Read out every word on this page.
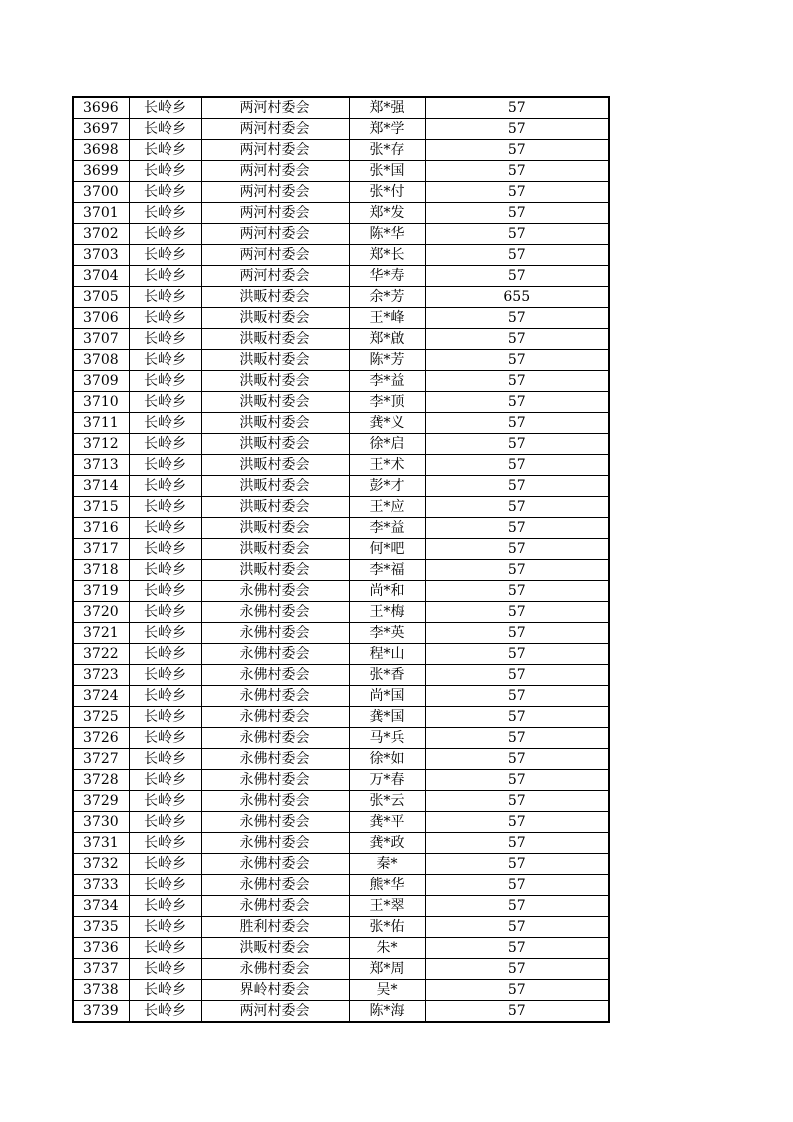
3696	长岭乡	两河村委会	郑*强	57
3697	长岭乡	两河村委会	郑*学	57
3698	长岭乡	两河村委会	张*存	57
3699	长岭乡	两河村委会	张*国	57
3700	长岭乡	两河村委会	张*付	57
3701	长岭乡	两河村委会	郑*发	57
3702	长岭乡	两河村委会	陈*华	57
3703	长岭乡	两河村委会	郑*长	57
3704	长岭乡	两河村委会	华*寿	57
3705	长岭乡	洪畈村委会	余*芳	655
3706	长岭乡	洪畈村委会	王*峰	57
3707	长岭乡	洪畈村委会	郑*啟	57
3708	长岭乡	洪畈村委会	陈*芳	57
3709	长岭乡	洪畈村委会	李*益	57
3710	长岭乡	洪畈村委会	李*顶	57
3711	长岭乡	洪畈村委会	龚*义	57
3712	长岭乡	洪畈村委会	徐*启	57
3713	长岭乡	洪畈村委会	王*术	57
3714	长岭乡	洪畈村委会	彭*才	57
3715	长岭乡	洪畈村委会	王*应	57
3716	长岭乡	洪畈村委会	李*益	57
3717	长岭乡	洪畈村委会	何*吧	57
3718	长岭乡	洪畈村委会	李*福	57
3719	长岭乡	永佛村委会	尚*和	57
3720	长岭乡	永佛村委会	王*梅	57
3721	长岭乡	永佛村委会	李*英	57
3722	长岭乡	永佛村委会	程*山	57
3723	长岭乡	永佛村委会	张*香	57
3724	长岭乡	永佛村委会	尚*国	57
3725	长岭乡	永佛村委会	龚*国	57
3726	长岭乡	永佛村委会	马*兵	57
3727	长岭乡	永佛村委会	徐*如	57
3728	长岭乡	永佛村委会	万*春	57
3729	长岭乡	永佛村委会	张*云	57
3730	长岭乡	永佛村委会	龚*平	57
3731	长岭乡	永佛村委会	龚*政	57
3732	长岭乡	永佛村委会	秦*	57
3733	长岭乡	永佛村委会	熊*华	57
3734	长岭乡	永佛村委会	王*翠	57
3735	长岭乡	胜利村委会	张*佑	57
3736	长岭乡	洪畈村委会	朱*	57
3737	长岭乡	永佛村委会	郑*周	57
3738	长岭乡	界岭村委会	吴*	57
3739	长岭乡	两河村委会	陈*海	57
